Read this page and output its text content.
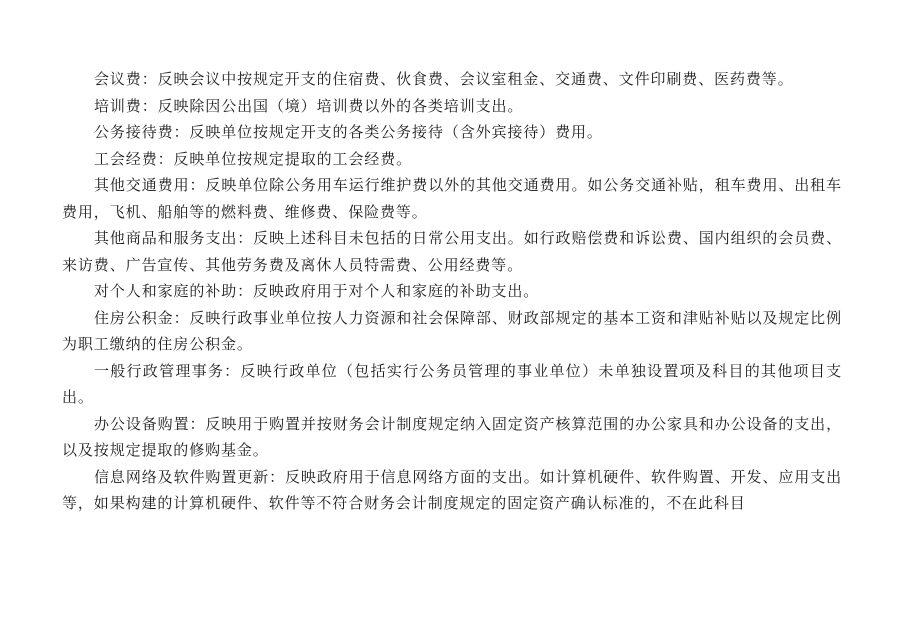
会议费：反映会议中按规定开支的住宿费、伙食费、会议室租金、交通费、文件印刷费、医药费等。

培训费：反映除因公出国（境）培训费以外的各类培训支出。

公务接待费：反映单位按规定开支的各类公务接待（含外宾接待）费用。

工会经费：反映单位按规定提取的工会经费。

其他交通费用：反映单位除公务用车运行维护费以外的其他交通费用。如公务交通补贴，租车费用、出租车费用，飞机、船舶等的燃料费、维修费、保险费等。

其他商品和服务支出：反映上述科目未包括的日常公用支出。如行政赔偿费和诉讼费、国内组织的会员费、来访费、广告宣传、其他劳务费及离休人员特需费、公用经费等。

对个人和家庭的补助：反映政府用于对个人和家庭的补助支出。

住房公积金：反映行政事业单位按人力资源和社会保障部、财政部规定的基本工资和津贴补贴以及规定比例为职工缴纳的住房公积金。

一般行政管理事务：反映行政单位（包括实行公务员管理的事业单位）未单独设置项及科目的其他项目支出。

办公设备购置：反映用于购置并按财务会计制度规定纳入固定资产核算范围的办公家具和办公设备的支出，以及按规定提取的修购基金。

信息网络及软件购置更新：反映政府用于信息网络方面的支出。如计算机硬件、软件购置、开发、应用支出等，如果构建的计算机硬件、软件等不符合财务会计制度规定的固定资产确认标准的，不在此科目
